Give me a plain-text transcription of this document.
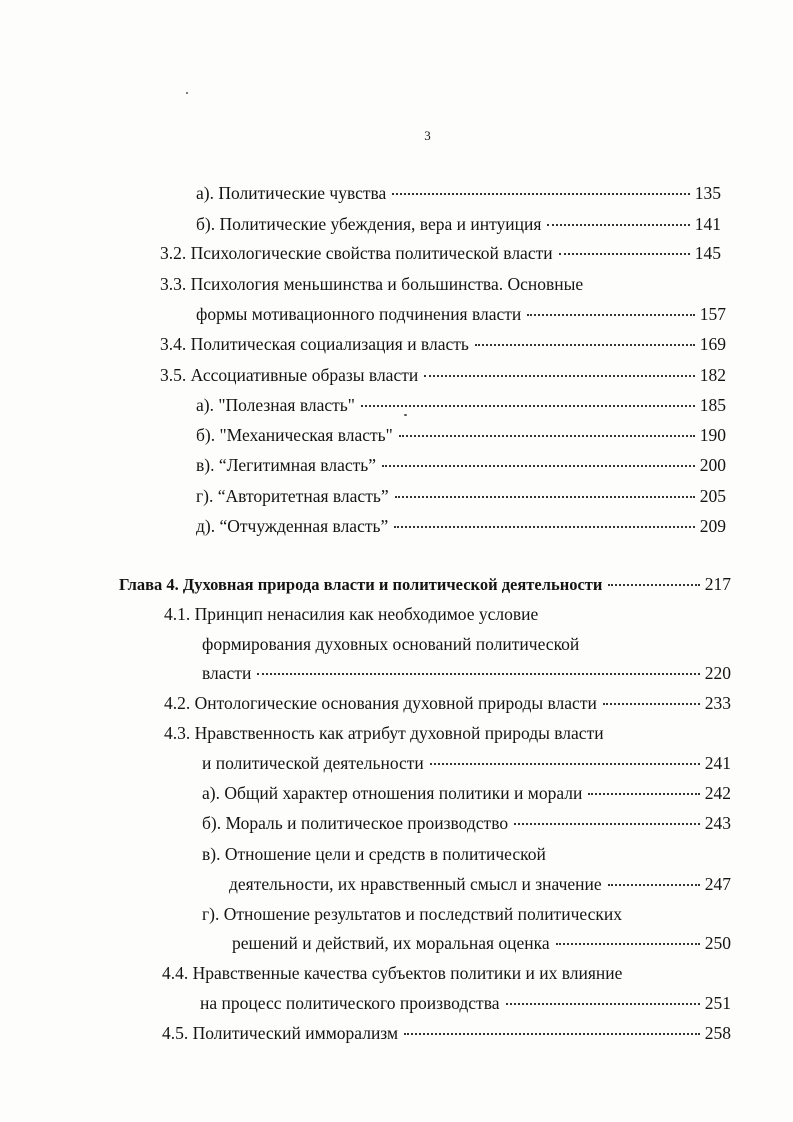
3
а). Политические чувства	135
б). Политические убеждения, вера и интуиция	141
3.2. Психологические свойства политической власти	145
3.3. Психология меньшинства и большинства. Основные
формы мотивационного подчинения власти	157
3.4. Политическая социализация и власть	169
3.5. Ассоциативные образы власти	182
а). "Полезная власть"	185
б). "Механическая власть"	190
в). “Легитимная власть”	200
г). “Авторитетная власть”	205
д). “Отчужденная власть”	209
Глава 4. Духовная природа власти и политической деятельности	217
4.1. Принцип ненасилия как необходимое условие
формирования духовных оснований политической
власти	220
4.2. Онтологические основания духовной природы власти	233
4.3. Нравственность как атрибут духовной природы власти
и политической деятельности	241
а). Общий характер отношения политики и морали	242
б). Мораль и политическое производство	243
в). Отношение цели и средств в политической
деятельности, их нравственный смысл и значение	247
г). Отношение результатов и последствий политических
решений и действий, их моральная оценка	250
4.4. Нравственные качества субъектов политики и их влияние
на процесс политического производства	251
4.5. Политический имморализм	258
